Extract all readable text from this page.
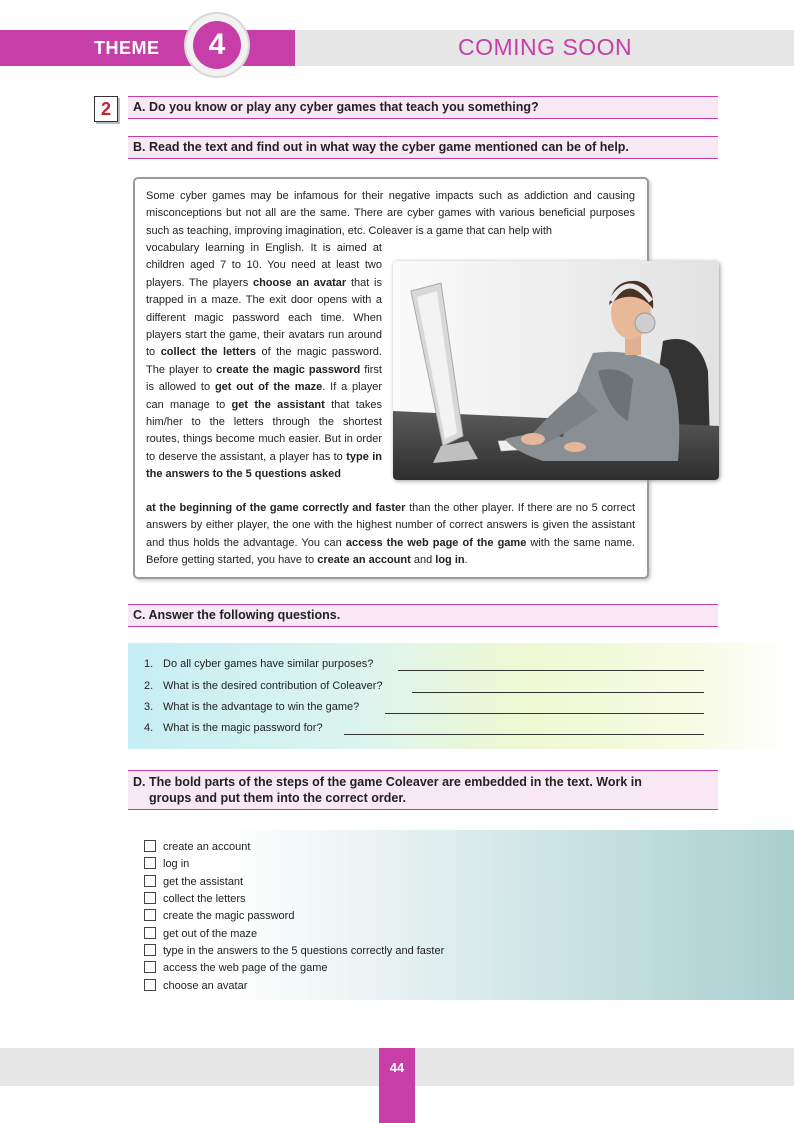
THEME	4	COMING SOON
2	A. Do you know or play any cyber games that teach you something?
B. Read the text and find out in what way the cyber game mentioned can be of help.
Some cyber games may be infamous for their negative impacts such as addiction and causing misconceptions but not all are the same. There are cyber games with various beneficial purposes such as teaching, improving imagination, etc. Coleaver is a game that can help with
vocabulary learning in English. It is aimed at children aged 7 to 10. You need at least two players. The players choose an avatar that is trapped in a maze. The exit door opens with a different magic password each time. When players start the game, their avatars run around to collect the letters of the magic password. The player to create the magic password first is allowed to get out of the maze. If a player can manage to get the assistant that takes him/her to the letters through the shortest routes, things become much easier. But in order to deserve the assistant, a player has to type in the answers to the 5 questions asked
at the beginning of the game correctly and faster than the other player. If there are no 5 correct answers by either player, the one with the highest number of correct answers is given the assistant and thus holds the advantage. You can access the web page of the game with the same name. Before getting started, you have to create an account and log in.
C. Answer the following questions.
1. Do all cyber games have similar purposes?
2. What is the desired contribution of Coleaver?
3. What is the advantage to win the game?
4. What is the magic password for?
D. The bold parts of the steps of the game Coleaver are embedded in the text. Work in
groups and put them into the correct order.
create an account
log in
get the assistant
collect the letters
create the magic password
get out of the maze
type in the answers to the 5 questions correctly and faster
access the web page of the game
choose an avatar
44
